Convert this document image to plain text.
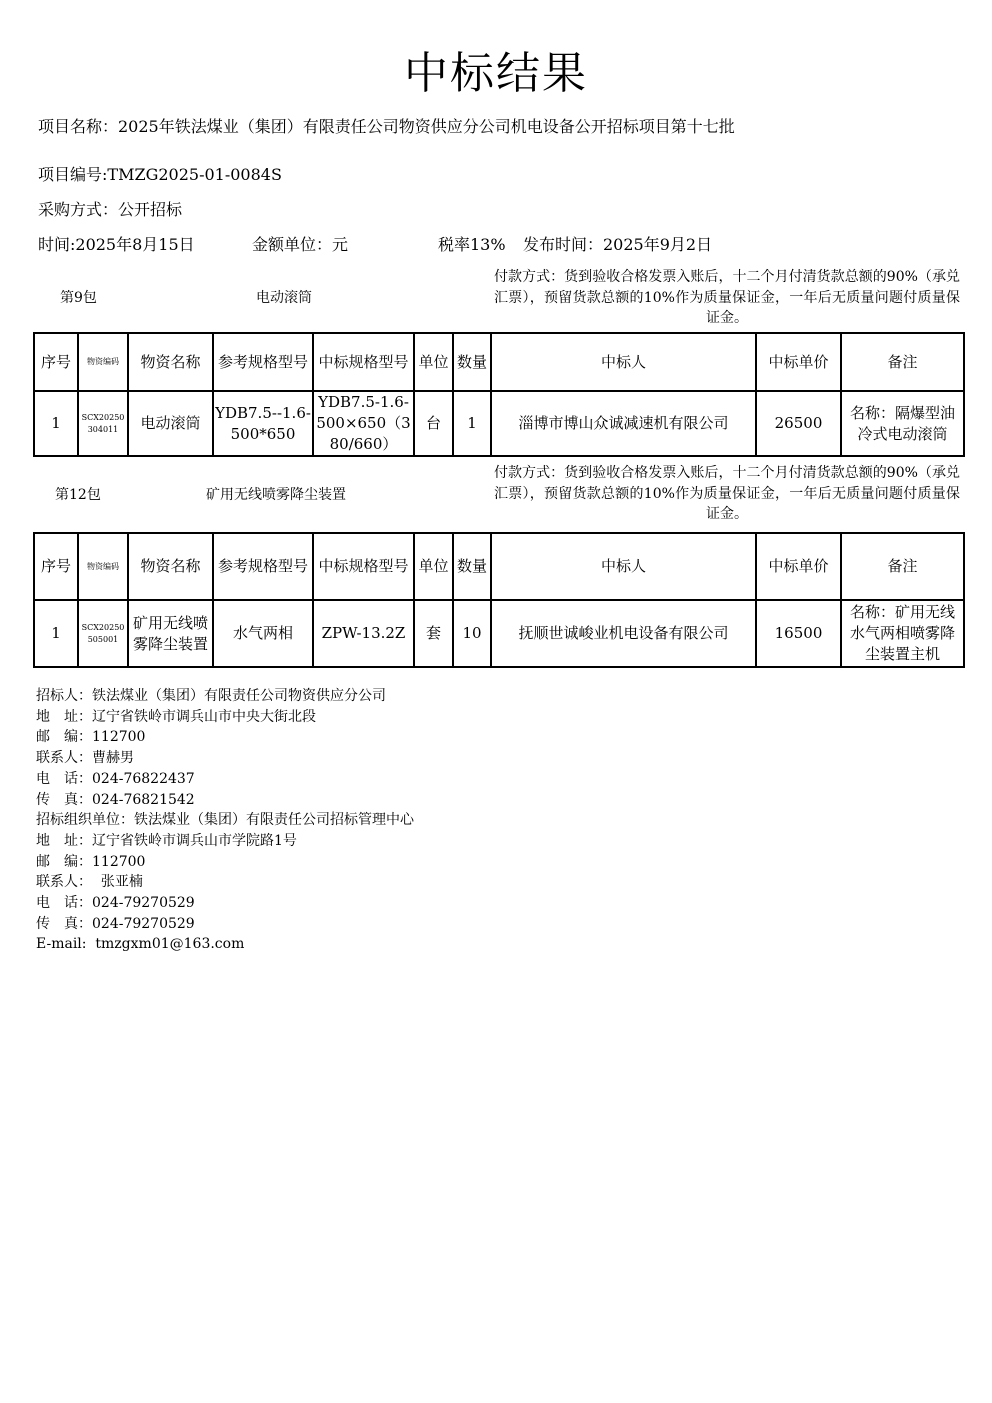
中标结果
项目名称：2025年铁法煤业（集团）有限责任公司物资供应分公司机电设备公开招标项目第十七批
项目编号:TMZG2025-01-0084S
采购方式：公开招标
时间:2025年8月15日	金额单位：元	税率13% 发布时间：2025年9月2日
第9包	电动滚筒
付款方式：货到验收合格发票入账后，十二个月付清货款总额的90%（承兑汇票），预留货款总额的10%作为质量保证金，一年后无质量问题付质量保证金。
序号	物资编码	物资名称	参考规格型号	中标规格型号	单位	数量	中标人	中标单价	备注
1	SCX20250304011	电动滚筒	YDB7.5--1.6-500*650	YDB7.5-1.6-500×650（380/660）	台	1	淄博市博山众诚减速机有限公司	26500	名称：隔爆型油冷式电动滚筒
第12包	矿用无线喷雾降尘装置
付款方式：货到验收合格发票入账后，十二个月付清货款总额的90%（承兑汇票），预留货款总额的10%作为质量保证金，一年后无质量问题付质量保证金。
序号	物资编码	物资名称	参考规格型号	中标规格型号	单位	数量	中标人	中标单价	备注
1	SCX20250505001	矿用无线喷雾降尘装置	水气两相	ZPW-13.2Z	套	10	抚顺世诚峻业机电设备有限公司	16500	名称：矿用无线水气两相喷雾降尘装置主机
招标人：铁法煤业（集团）有限责任公司物资供应分公司
地　址：辽宁省铁岭市调兵山市中央大街北段
邮　编：112700
联系人：曹赫男
电　话：024-76822437
传　真：024-76821542
招标组织单位：铁法煤业（集团）有限责任公司招标管理中心
地　址：辽宁省铁岭市调兵山市学院路1号
邮　编：112700
联系人：  张亚楠
电　话：024-79270529
传　真：024-79270529
E-mail:  tmzgxm01@163.com
